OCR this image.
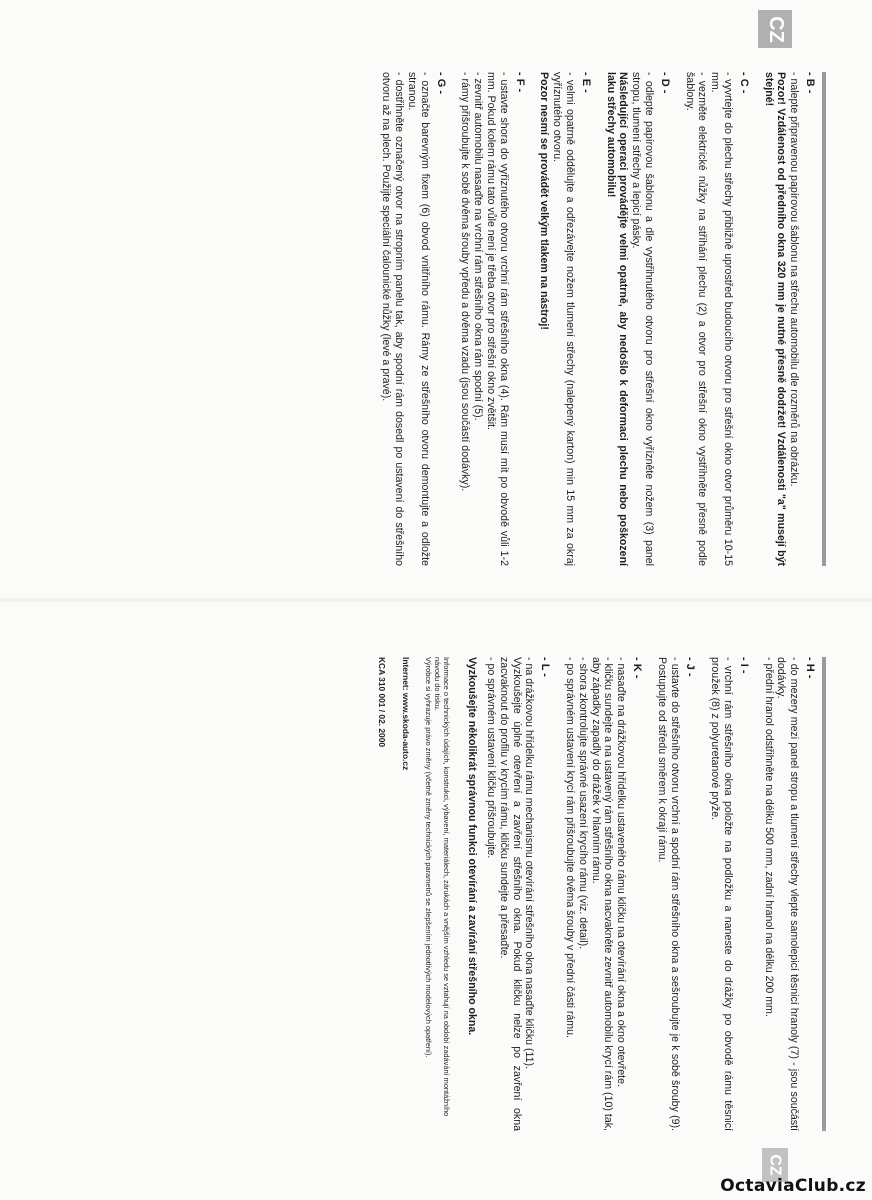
CZ
CZ
- B -

- nalepte připravenou papírovou šablonu na střechu automobilu dle rozměrů na obrázku.

Pozor! Vzdálenost od předního okna 320 mm je nutné přesně dodržet! Vzdálenosti "a" musejí být stejné!

- C -

- vyvrtejte do plechu střechy přibližně uprostřed budoucího otvoru pro střešní okno otvor průměru 10-15 mm.

- vezměte elektrické nůžky na stříhání plechu (2) a otvor pro střešní okno vystřihněte přesně podle šablony.

- D -

- odlepte papírovou šablonu a dle vystřihnutého otvoru pro střešní okno vyřízněte nožem (3) panel stropu, tlumení střechy a lepicí pásky.

Následující operaci provádějte velmi opatrně, aby nedošlo k deformaci plechu nebo poškození laku střechy automobilu!

- E -

- velmi opatrně oddělujte a odřezávejte nožem tlumení střechy (nalepený karton) min 15 mm za okraj vyříznutého otvoru.

Pozor nesmí se provádět velkým tlakem na nástroj!

- F -

- ustavte shora do vyříznutého otvoru vrchní rám střešního okna (4). Rám musí mít po obvodě vůli 1-2 mm. Pokud kolem rámu tato vůle není je třeba otvor pro střešní okno zvětšit.

- zevnitř automobilu nasaďte na vrchní rám střešního okna rám spodní (5).

- rámy přišroubujte k sobě dvěma šrouby vpředu a dvěma vzadu (jsou součástí dodávky).

- G -

- označte barevným fixem (6) obvod vnitřního rámu. Rámy ze střešního otvoru demontujte a odložte stranou.

- dostřihněte označený otvor na stropním panelu tak, aby spodní rám dosedl po ustavení do střešního otvoru až na plech. Použijte speciální čalounické nůžky (levé a pravé).

- H -

- do mezery mezi panel stropu a tlumení střechy vlepte samolepicí těsnicí hranoly (7) - jsou součástí dodávky.

- přední hranol odstřihněte na délku 500 mm, zadní hranol na délku 200 mm.

- I -

- vrchní rám střešního okna položte na podložku a naneste do drážky po obvodě rámu těsnicí proužek (8) z polyuretanové pryže.

- J -

- ustavte do střešního otvoru vrchní a spodní rám střešního okna a sešroubujte je k sobě šrouby (9). Postupujte od středu směrem k okrají rámu.

- K -

- nasaďte na drážkovou hřídelku ustaveného rámu kličku na otevírání okna a okno otevřete.

- kličku sundejte a na ustavený rám střešního okna nacvakněte zevnitř automobilu krycí rám (10) tak, aby západky zapadly do drážek v hlavním rámu.

- shora zkontrolujte správné usazení krycího rámu (viz. detail).

- po správném ustavení krycí rám přišroubujte dvěma šrouby v přední části rámu.

- L -

- na drážkovou hřídelku rámu mechanismu otevírání střešního okna nasaďte kličku (11).

Vyzkoušejte úplné otevření a zavření střešního okna. Pokud kličku nelze po zavření okna zacvaknout do profilu v krycím rámu, kličku sundejte a přesaďte.

- po správném ustavení kličku přišroubujte.

Vyzkoušejte několikrát správnou funkci otevírání a zavírání střešního okna.

Informace o technických údajích, konstrukci, výbavení, materiálech, zárukách a vnějším vzhledu se vztahují na období zadávání montážního návodu do tisku.

Výrobce si vyhrazuje právo změny (včetně změny technických parametrů se zlepšením jednotlivých modelových opatření).

Internet: www.skoda-auto.cz

KCA 310 001 / 02. 2000

OctaviaClub.cz
